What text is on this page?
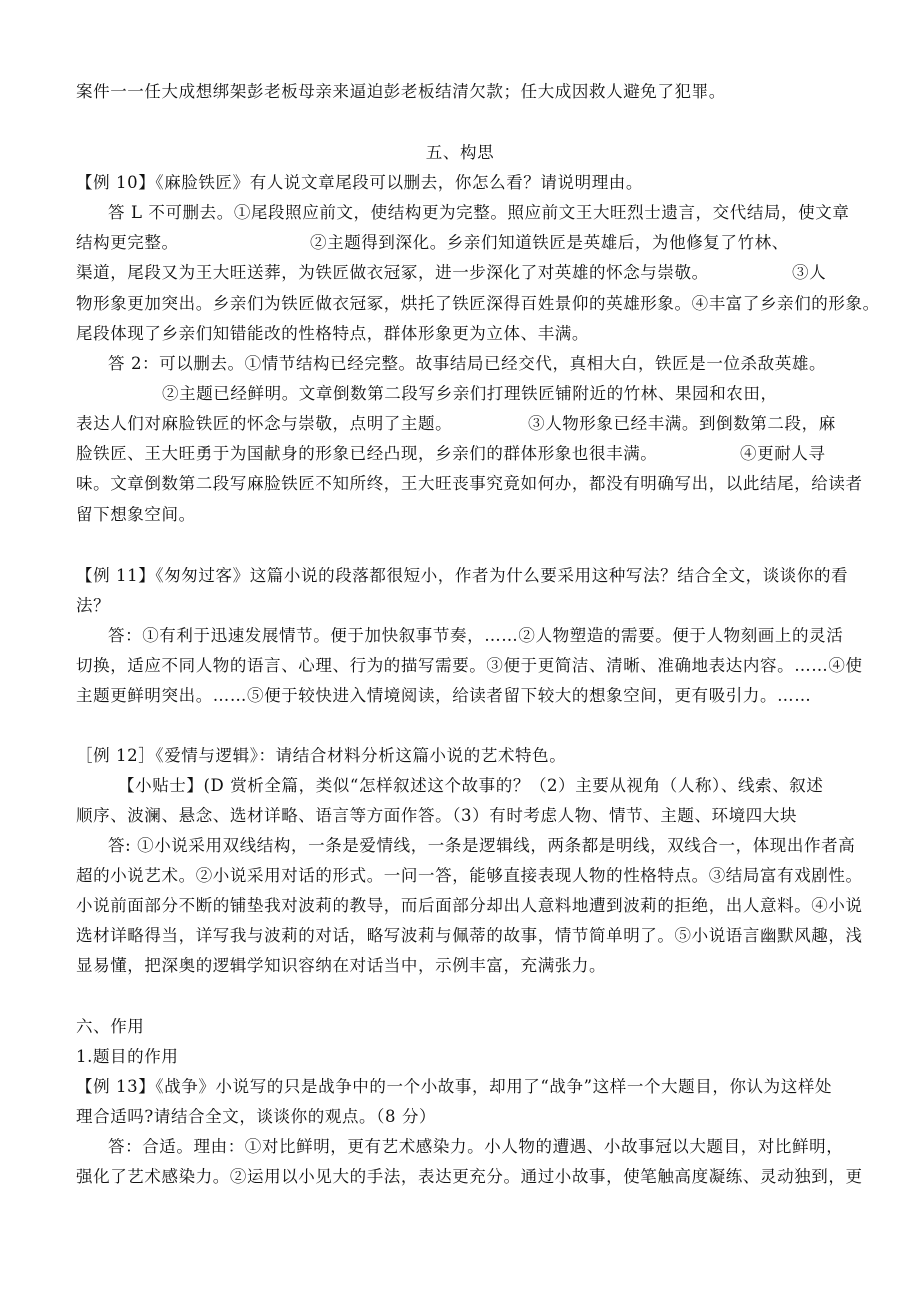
案件一一任大成想绑架彭老板母亲来逼迫彭老板结清欠款；任大成因救人避免了犯罪。
五、构思
【例 10】《麻脸铁匠》有人说文章尾段可以删去，你怎么看？请说明理由。
答 L 不可删去。①尾段照应前文，使结构更为完整。照应前文王大旺烈士遗言，交代结局，使文章
结构更完整。	②主题得到深化。乡亲们知道铁匠是英雄后，为他修复了竹林、
渠道，尾段又为王大旺送葬，为铁匠做衣冠冢，进一步深化了对英雄的怀念与崇敬。	③人
物形象更加突出。乡亲们为铁匠做衣冠冢，烘托了铁匠深得百姓景仰的英雄形象。④丰富了乡亲们的形象。
尾段体现了乡亲们知错能改的性格特点，群体形象更为立体、丰满。
答 2：可以删去。①情节结构已经完整。故事结局已经交代，真相大白，铁匠是一位杀敌英雄。
②主题已经鲜明。文章倒数第二段写乡亲们打理铁匠铺附近的竹林、果园和农田，
表达人们对麻脸铁匠的怀念与崇敬，点明了主题。	③人物形象已经丰满。到倒数第二段，麻
脸铁匠、王大旺勇于为国献身的形象已经凸现，乡亲们的群体形象也很丰满。	④更耐人寻
味。文章倒数第二段写麻脸铁匠不知所终，王大旺丧事究竟如何办，都没有明确写出，以此结尾，给读者
留下想象空间。
【例 11】《匆匆过客》这篇小说的段落都很短小，作者为什么要采用这种写法？结合全文，谈谈你的看
法？
答：①有利于迅速发展情节。便于加快叙事节奏，……②人物塑造的需要。便于人物刻画上的灵活
切换，适应不同人物的语言、心理、行为的描写需要。③便于更简洁、清晰、准确地表达内容。……④使
主题更鲜明突出。……⑤便于较快进入情境阅读，给读者留下较大的想象空间，更有吸引力。……
［例 12］《爱情与逻辑》：请结合材料分析这篇小说的艺术特色。
【小贴士】(D 赏析全篇，类似“怎样叙述这个故事的？（2）主要从视角（人称）、线索、叙述
顺序、波澜、悬念、选材详略、语言等方面作答。（3）有时考虑人物、情节、主题、环境四大块
答: ①小说采用双线结构，一条是爱情线，一条是逻辑线，两条都是明线，双线合一，体现出作者高
超的小说艺术。②小说采用对话的形式。一问一答，能够直接表现人物的性格特点。③结局富有戏剧性。
小说前面部分不断的铺垫我对波莉的教导，而后面部分却出人意料地遭到波莉的拒绝，出人意料。④小说
选材详略得当，详写我与波莉的对话，略写波莉与佩蒂的故事，情节简单明了。⑤小说语言幽默风趣，浅
显易懂，把深奥的逻辑学知识容纳在对话当中，示例丰富，充满张力。
六、作用
1.题目的作用
【例 13】《战争》小说写的只是战争中的一个小故事，却用了“战争”这样一个大题目，你认为这样处
理合适吗?请结合全文，谈谈你的观点。（8 分）
答：合适。理由：①对比鲜明，更有艺术感染力。小人物的遭遇、小故事冠以大题目，对比鲜明，
强化了艺术感染力。②运用以小见大的手法，表达更充分。通过小故事，使笔触高度凝练、灵动独到，更
